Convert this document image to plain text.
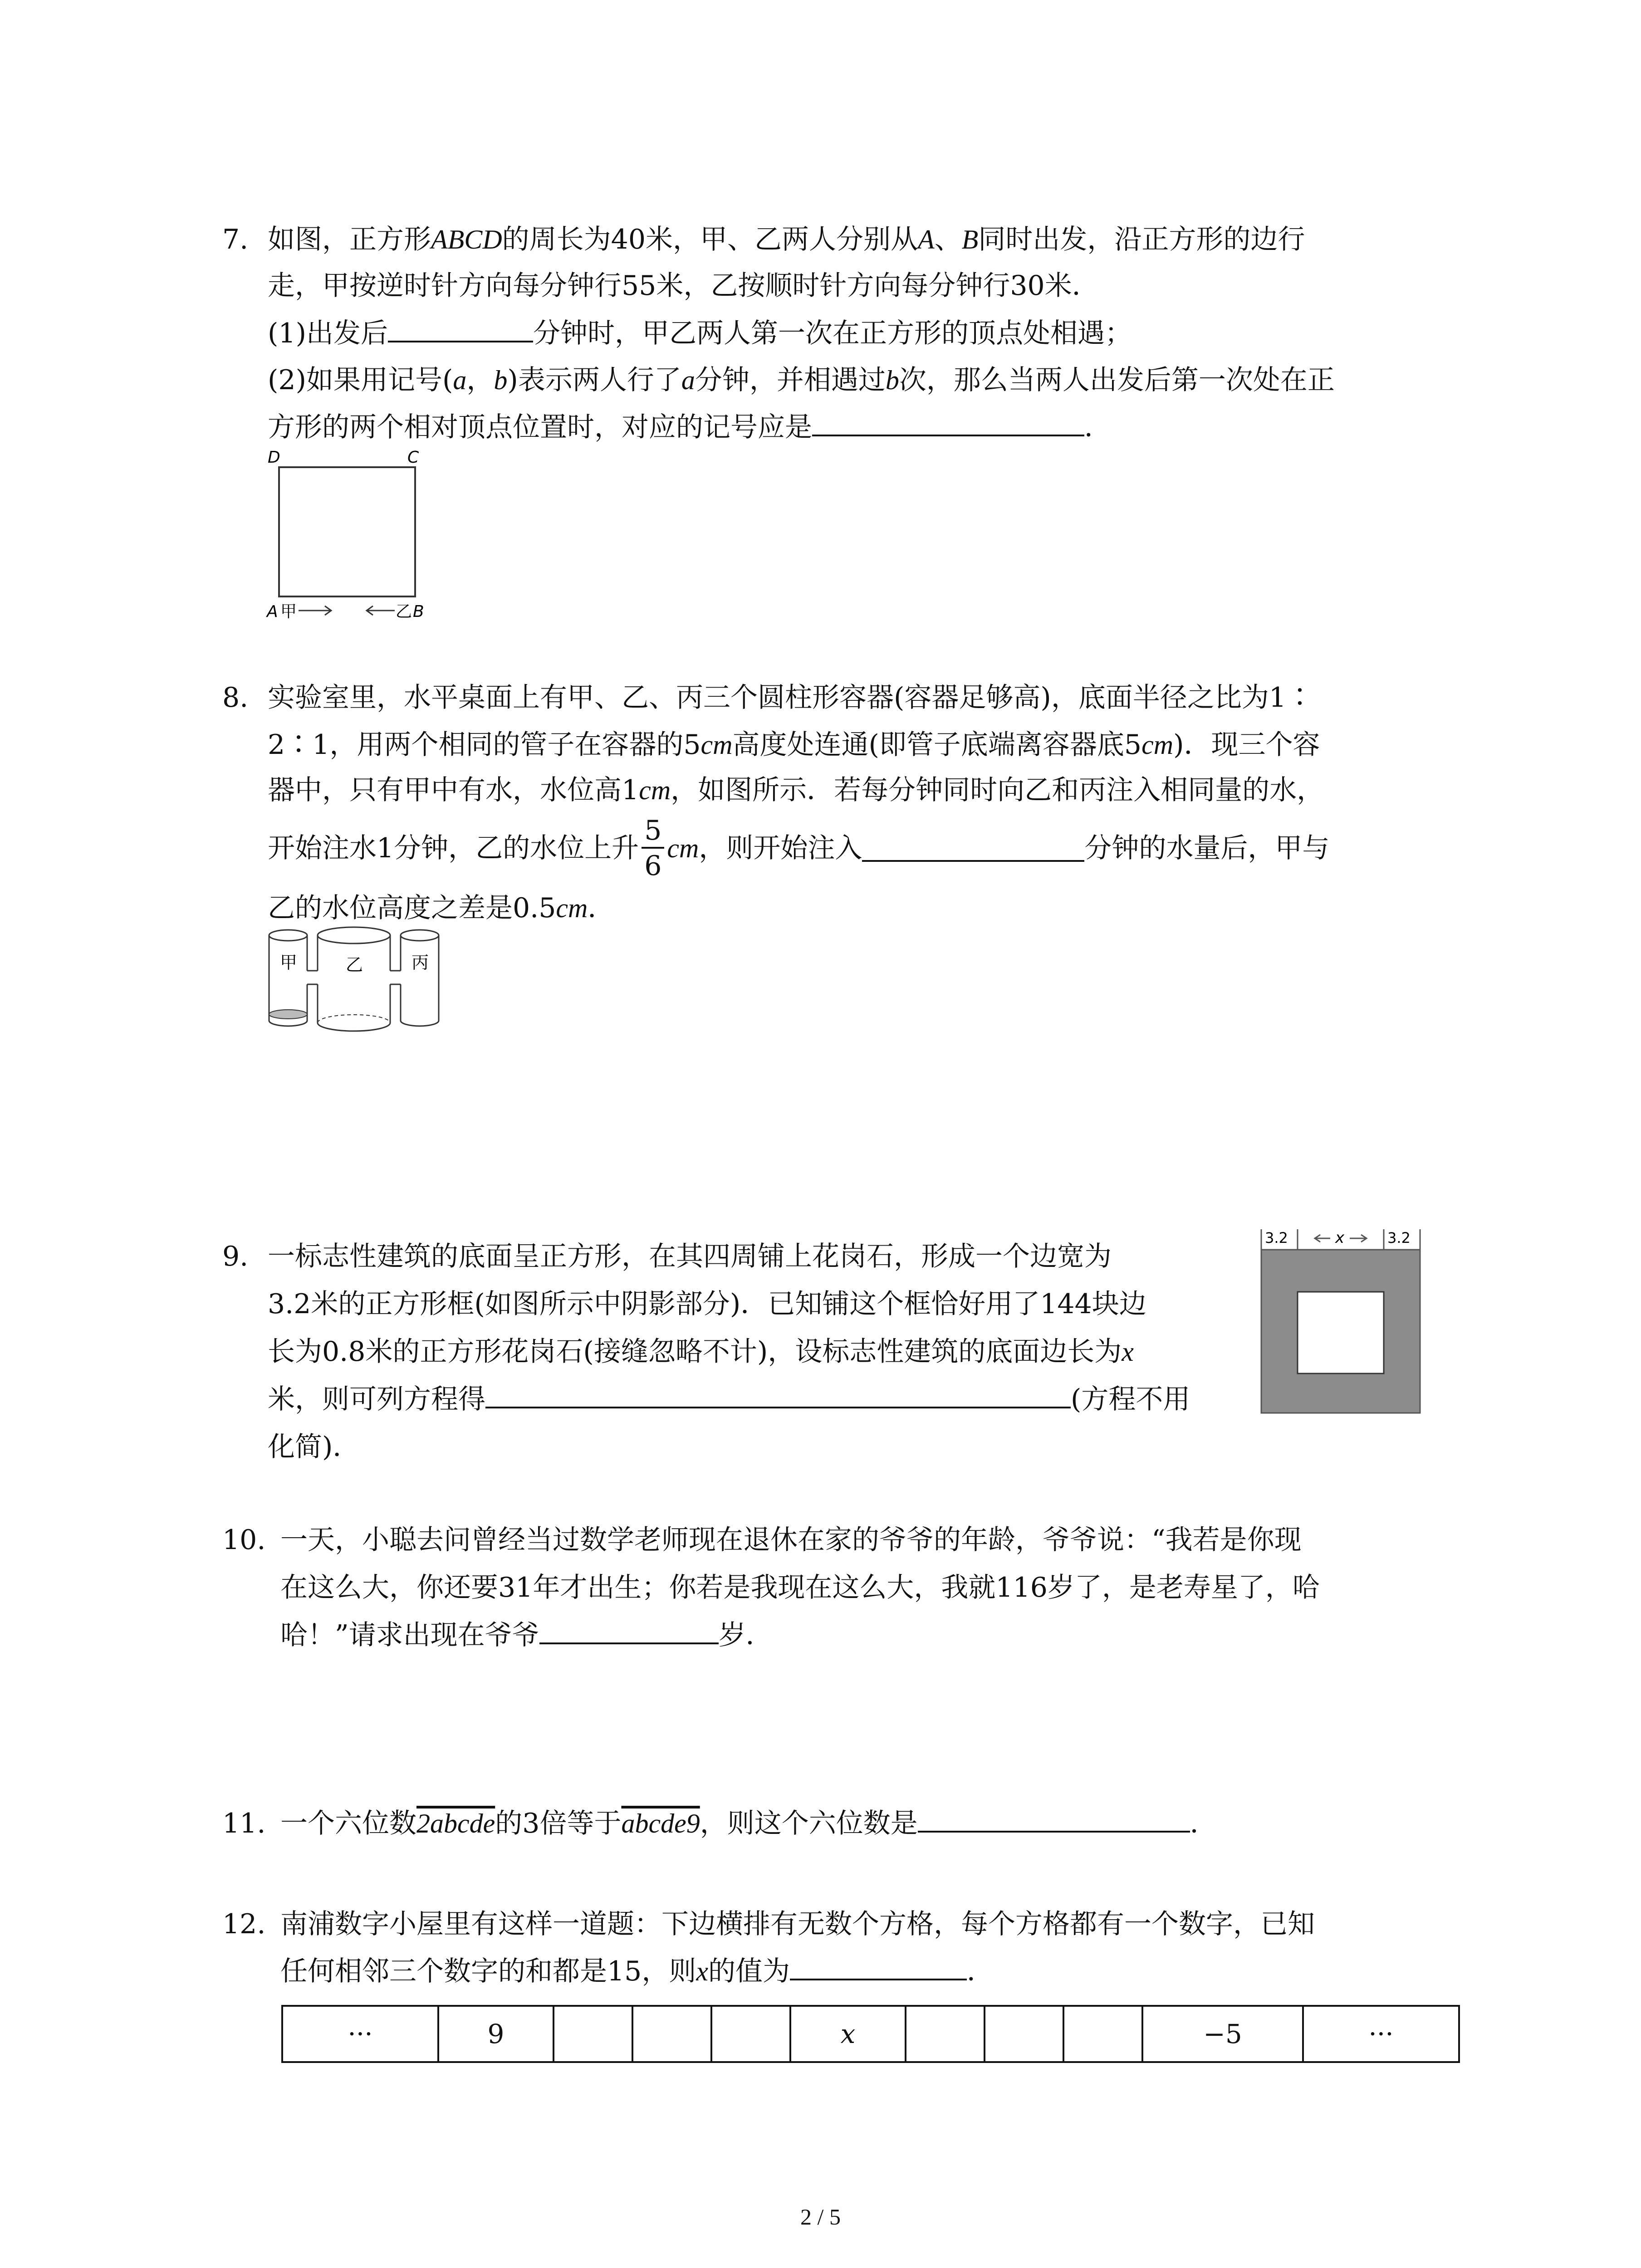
7. 如图，正方形ABCD的周长为40米，甲、乙两人分别从A、B同时出发，沿正方形的边行
走，甲按逆时针方向每分钟行55米，乙按顺时针方向每分钟行30米．
(1)出发后	分钟时，甲乙两人第一次在正方形的顶点处相遇；
(2)如果用记号(a，b)表示两人行了a分钟，并相遇过b次，那么当两人出发后第一次处在正
方形的两个相对顶点位置时，对应的记号应是	．
D	C
A 甲	乙 B
8. 实验室里，水平桌面上有甲、乙、丙三个圆柱形容器(容器足够高)，底面半径之比为1∶
2∶1，用两个相同的管子在容器的5cm高度处连通(即管子底端离容器底5cm)．现三个容
器中，只有甲中有水，水位高1cm，如图所示．若每分钟同时向乙和丙注入相同量的水，
开始注水1分钟，乙的水位上升 $\frac{5}{6}$ cm ，则开始注入	分钟的水量后，甲与
乙的水位高度之差是0.5cm．
甲	乙	丙
9. 一标志性建筑的底面呈正方形，在其四周铺上花岗石，形成一个边宽为
3.2米的正方形框(如图所示中阴影部分)．已知铺这个框恰好用了144块边
长为0.8米的正方形花岗石(接缝忽略不计)，设标志性建筑的底面边长为x
米，则可列方程得	(方程不用
化简)．
3.2	x	3.2
10. 一天，小聪去问曾经当过数学老师现在退休在家的爷爷的年龄，爷爷说：“我若是你现
在这么大，你还要31年才出生；你若是我现在这么大，我就116岁了，是老寿星了，哈
哈！”请求出现在爷爷	岁．
11. 一个六位数2abcde的3倍等于abcde9，则这个六位数是	．
12. 南浦数字小屋里有这样一道题：下边横排有无数个方格，每个方格都有一个数字，已知
任何相邻三个数字的和都是15，则x的值为	．
···	9				x				−5	···
2 / 5
